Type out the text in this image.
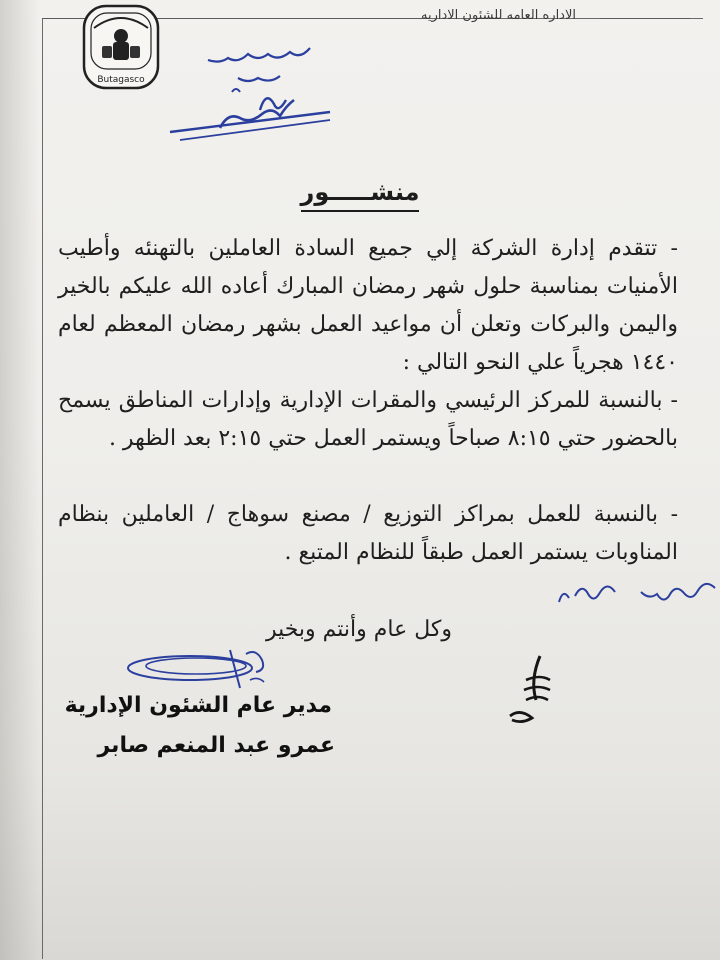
الاداره العامه للشئون الاداريه
Butagasco
منشـــــور
- تتقدم إدارة الشركة إلي جميع السادة العاملين بالتهنئه وأطيب الأمنيات بمناسبة حلول شهر رمضان المبارك أعاده الله عليكم بالخير واليمن والبركات وتعلن أن مواعيد العمل بشهر رمضان المعظم لعام ١٤٤٠ هجرياً علي النحو التالي :
- بالنسبة للمركز الرئيسي والمقرات الإدارية وإدارات المناطق يسمح بالحضور حتي ٨:١٥ صباحاً ويستمر العمل حتي ٢:١٥ بعد الظهر .
- بالنسبة للعمل بمراكز التوزيع / مصنع سوهاج / العاملين بنظام المناوبات يستمر العمل طبقاً للنظام المتبع .
وكل عام وأنتم وبخير
مدير عام الشئون الإدارية
عمرو عبد المنعم صابر
